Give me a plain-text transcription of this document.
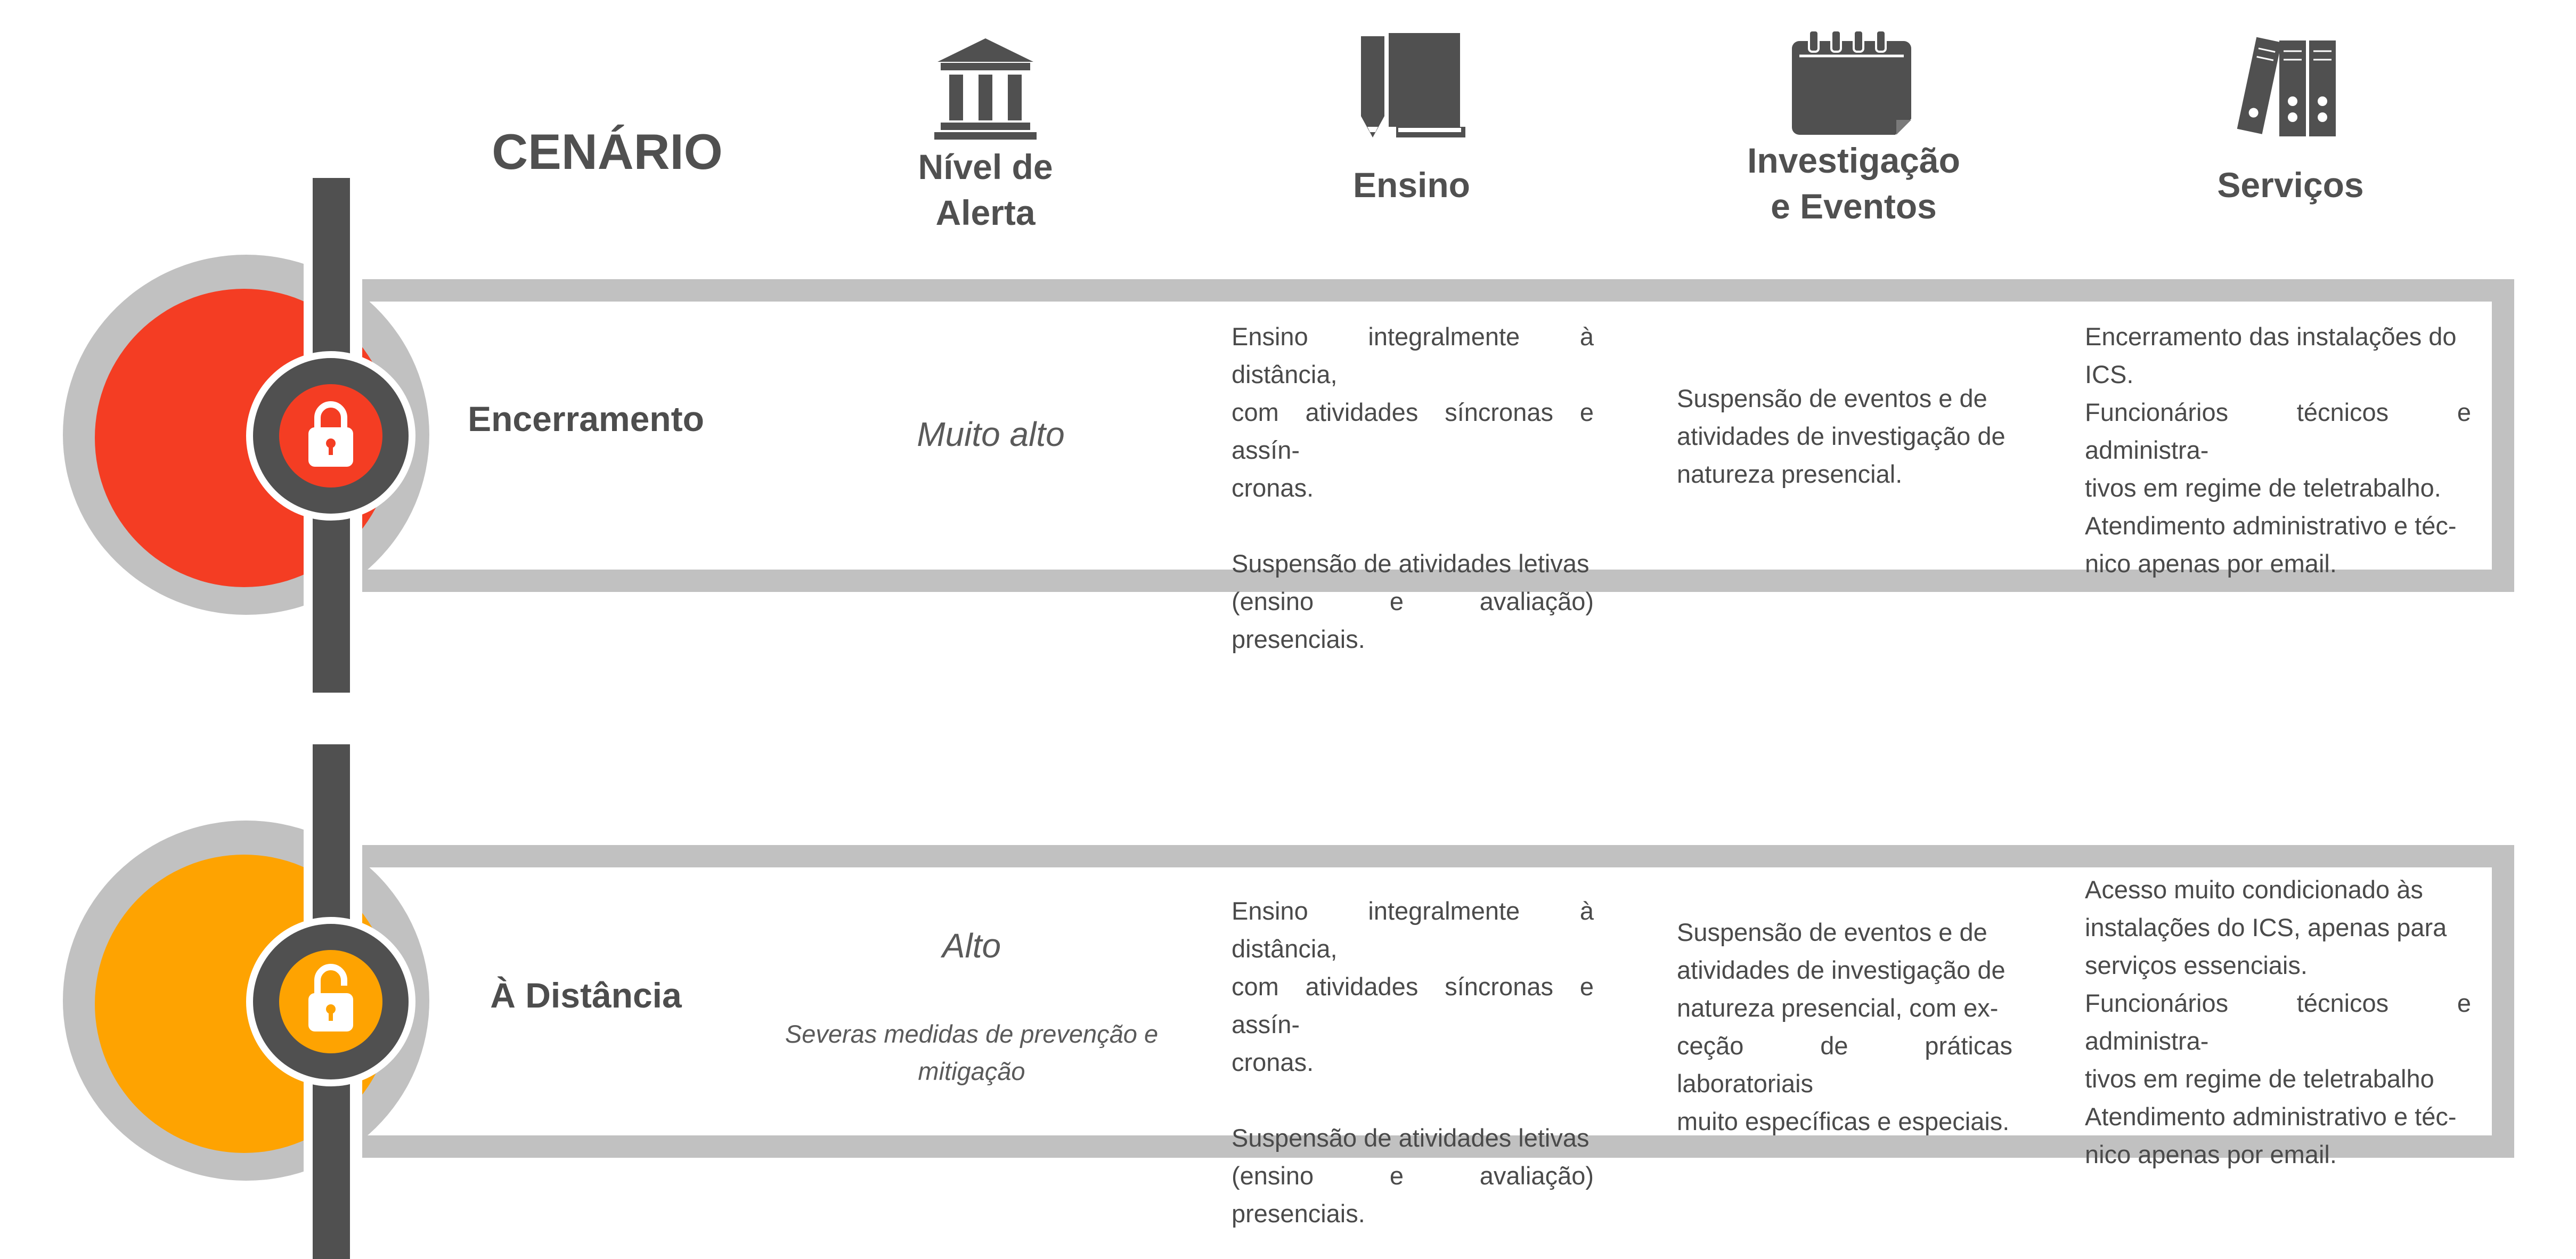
CENÁRIO	Nível de
Alerta
Ensino
Investigação
e Eventos
Serviços
Encerramento	Muito alto
Ensino integralmente à distância,
com atividades síncronas e assín-
cronas.
Suspensão de atividades letivas
(ensino e avaliação) presenciais.
Suspensão de eventos e de
atividades de investigação de
natureza presencial.
Encerramento das instalações do
ICS.
Funcionários técnicos e administra-
tivos em regime de teletrabalho.
Atendimento administrativo e téc-
nico apenas por email.
À Distância
Alto
Severas medidas de prevenção e
mitigação
Ensino integralmente à distância,
com atividades síncronas e assín-
cronas.
Suspensão de atividades letivas
(ensino e avaliação) presenciais.
Suspensão de eventos e de
atividades de investigação de
natureza presencial, com ex-
ceção de práticas laboratoriais
muito específicas e especiais.
Acesso muito condicionado às
instalações do ICS, apenas para
serviços essenciais.
Funcionários técnicos e administra-
tivos em regime de teletrabalho
Atendimento administrativo e téc-
nico apenas por email.
